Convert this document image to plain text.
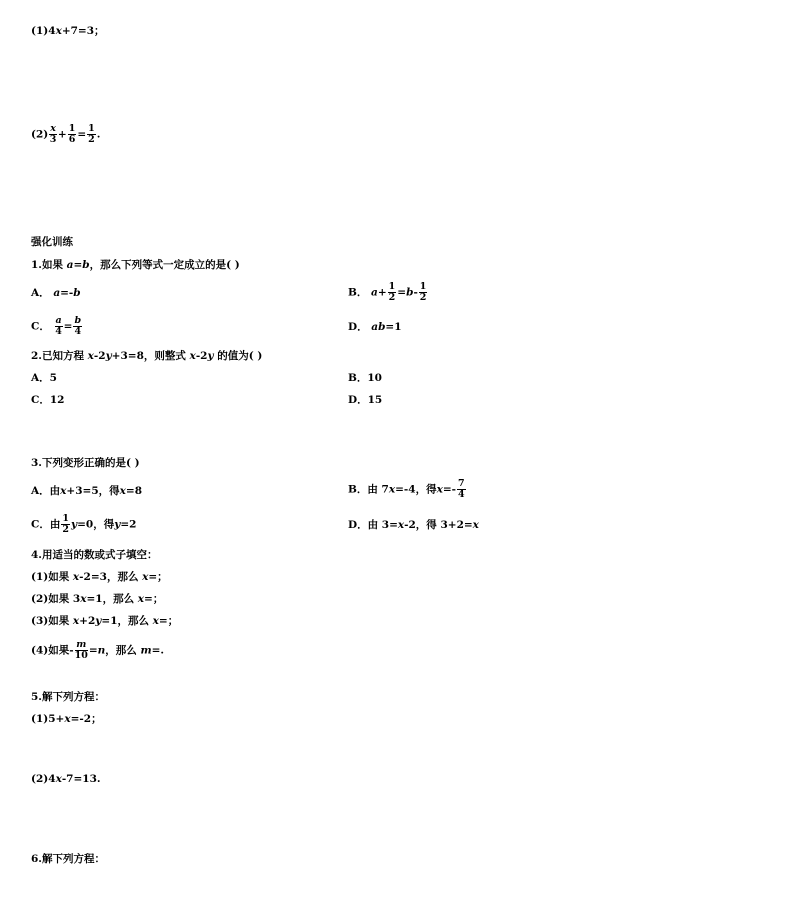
(1)4x+7=3；
$(2) \frac{x}{3} + \frac{1}{6} = \frac{1}{2}$ .
强化训练
1.如果 a=b，那么下列等式一定成立的是( )
A． a=-b	B． $a+ \frac{1}{2} =b- \frac{1}{2}$
C． $\frac{a}{4} = \frac{b}{4}$	D． ab=1
2.已知方程 x-2y+3=8，则整式 x-2y 的值为( )
A．5	B．10
C．12	D．15
3.下列变形正确的是( )
A．由x+3=5，得x=8	B．由 7x=-4，得$x=- \frac{7}{4}$
C．由 $\frac{1}{2} y=0$，得y=2	D．由 3=x-2，得 3+2=x
4.用适当的数或式子填空：
(1)如果 x-2=3，那么 x=；
(2)如果 3x=1，那么 x=；
(3)如果 x+2y=1，那么 x=；
(4)如果- $\frac{m}{10} =n$，那么 m=.
5.解下列方程：
(1)5+x=-2；
(2)4x-7=13.
6.解下列方程：
